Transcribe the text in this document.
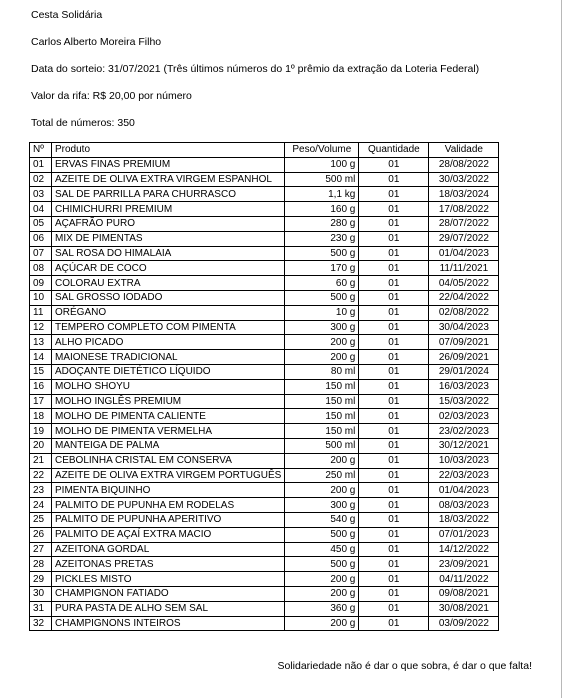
Cesta Solidária
Carlos Alberto Moreira Filho
Data do sorteio: 31/07/2021 (Três últimos números do 1º prêmio da extração da Loteria Federal)
Valor da rifa: R$ 20,00 por número
Total de números: 350
Nº	Produto	Peso/Volume	Quantidade	Validade
01	ERVAS FINAS PREMIUM	100 g	01	28/08/2022
02	AZEITE DE OLIVA EXTRA VIRGEM ESPANHOL	500 ml	01	30/03/2022
03	SAL DE PARRILLA PARA CHURRASCO	1,1 kg	01	18/03/2024
04	CHIMICHURRI PREMIUM	160 g	01	17/08/2022
05	AÇAFRÃO PURO	280 g	01	28/07/2022
06	MIX DE PIMENTAS	230 g	01	29/07/2022
07	SAL ROSA DO HIMALAIA	500 g	01	01/04/2023
08	AÇÚCAR DE COCO	170 g	01	11/11/2021
09	COLORAU EXTRA	60 g	01	04/05/2022
10	SAL GROSSO IODADO	500 g	01	22/04/2022
11	ORÉGANO	10 g	01	02/08/2022
12	TEMPERO COMPLETO COM PIMENTA	300 g	01	30/04/2023
13	ALHO PICADO	200 g	01	07/09/2021
14	MAIONESE TRADICIONAL	200 g	01	26/09/2021
15	ADOÇANTE DIETÉTICO LÍQUIDO	80 ml	01	29/01/2024
16	MOLHO SHOYU	150 ml	01	16/03/2023
17	MOLHO INGLÊS PREMIUM	150 ml	01	15/03/2022
18	MOLHO DE PIMENTA CALIENTE	150 ml	01	02/03/2023
19	MOLHO DE PIMENTA VERMELHA	150 ml	01	23/02/2023
20	MANTEIGA DE PALMA	500 ml	01	30/12/2021
21	CEBOLINHA CRISTAL EM CONSERVA	200 g	01	10/03/2023
22	AZEITE DE OLIVA EXTRA VIRGEM PORTUGUÊS	250 ml	01	22/03/2023
23	PIMENTA BIQUINHO	200 g	01	01/04/2023
24	PALMITO DE PUPUNHA EM RODELAS	300 g	01	08/03/2023
25	PALMITO DE PUPUNHA APERITIVO	540 g	01	18/03/2022
26	PALMITO DE AÇAÍ EXTRA MACIO	500 g	01	07/01/2023
27	AZEITONA GORDAL	450 g	01	14/12/2022
28	AZEITONAS PRETAS	500 g	01	23/09/2021
29	PICKLES MISTO	200 g	01	04/11/2022
30	CHAMPIGNON FATIADO	200 g	01	09/08/2021
31	PURA PASTA DE ALHO SEM SAL	360 g	01	30/08/2021
32	CHAMPIGNONS INTEIROS	200 g	01	03/09/2022
Solidariedade não é dar o que sobra, é dar o que falta!
